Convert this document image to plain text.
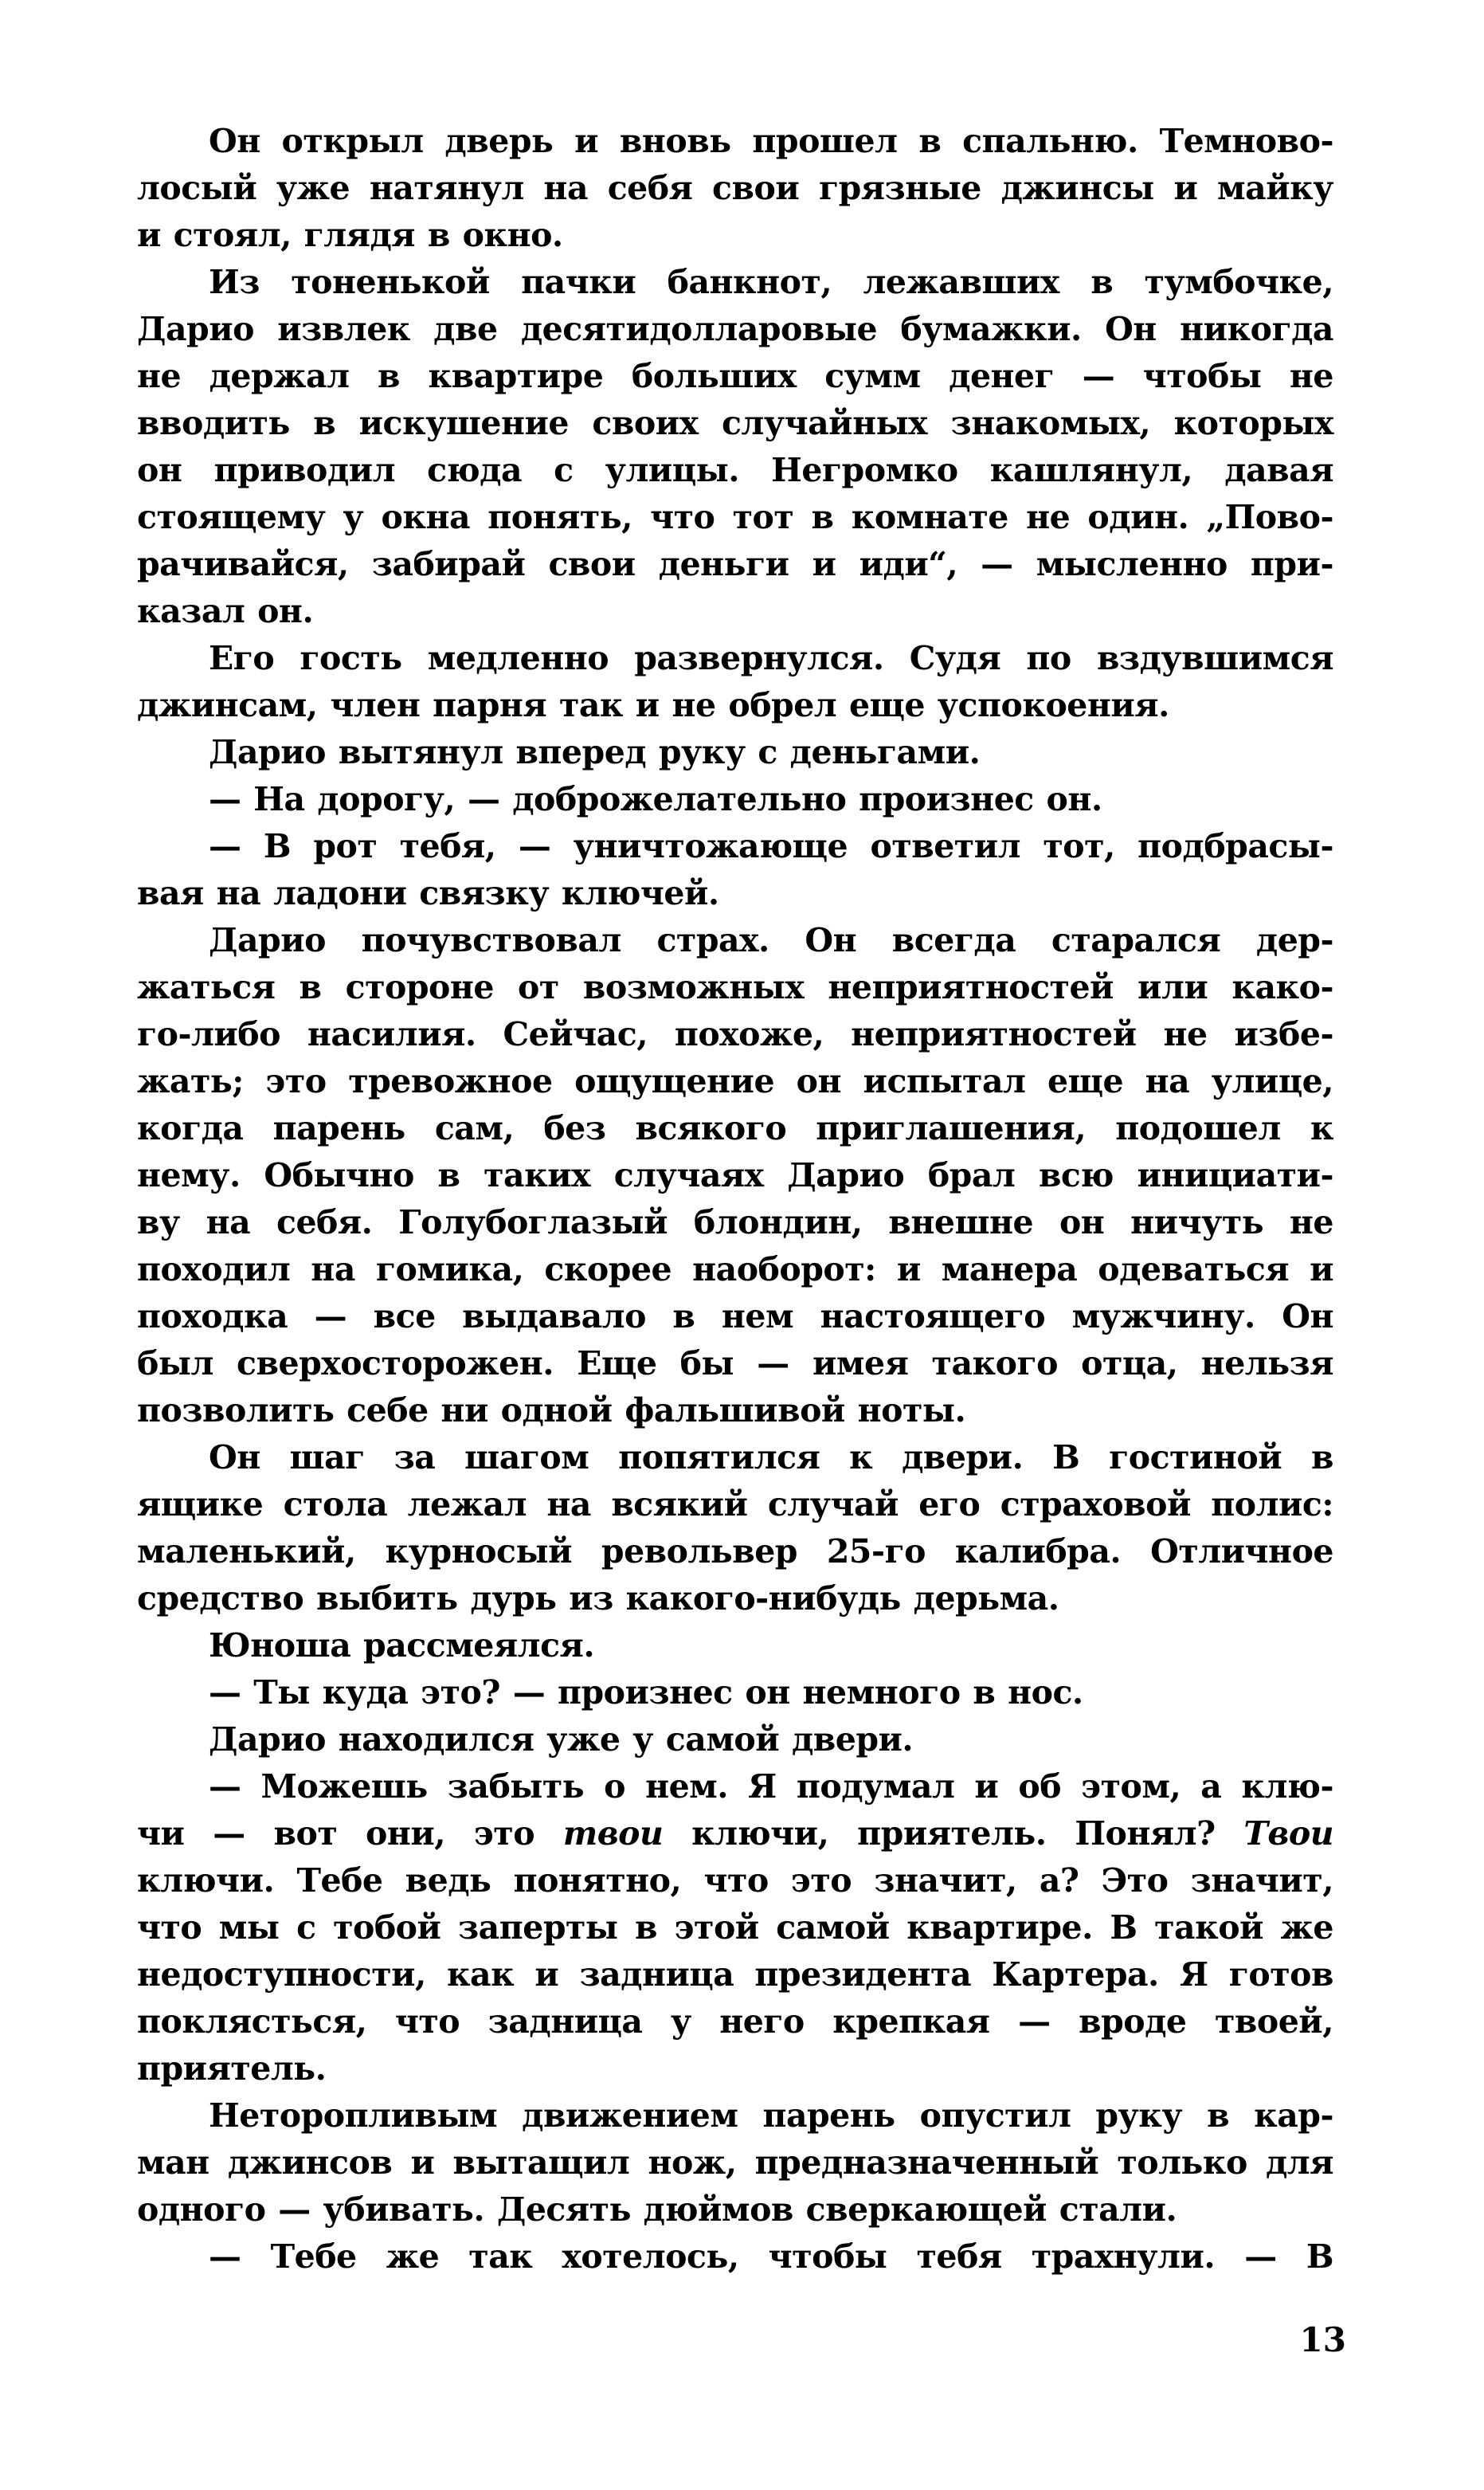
Он открыл дверь и вновь прошел в спальню. Темново-
лосый уже натянул на себя свои грязные джинсы и майку
и стоял, глядя в окно.
Из тоненькой пачки банкнот, лежавших в тумбочке,
Дарио извлек две десятидолларовые бумажки. Он никогда
не держал в квартире больших сумм денег — чтобы не
вводить в искушение своих случайных знакомых, которых
он приводил сюда с улицы. Негромко кашлянул, давая
стоящему у окна понять, что тот в комнате не один. „Пово-
рачивайся, забирай свои деньги и иди“, — мысленно при-
казал он.
Его гость медленно развернулся. Судя по вздувшимся
джинсам, член парня так и не обрел еще успокоения.
Дарио вытянул вперед руку с деньгами.
— На дорогу, — доброжелательно произнес он.
— В рот тебя, — уничтожающе ответил тот, подбрасы-
вая на ладони связку ключей.
Дарио почувствовал страх. Он всегда старался дер-
жаться в стороне от возможных неприятностей или како-
го-либо насилия. Сейчас, похоже, неприятностей не избе-
жать; это тревожное ощущение он испытал еще на улице,
когда парень сам, без всякого приглашения, подошел к
нему. Обычно в таких случаях Дарио брал всю инициати-
ву на себя. Голубоглазый блондин, внешне он ничуть не
походил на гомика, скорее наоборот: и манера одеваться и
походка — все выдавало в нем настоящего мужчину. Он
был сверхосторожен. Еще бы — имея такого отца, нельзя
позволить себе ни одной фальшивой ноты.
Он шаг за шагом попятился к двери. В гостиной в
ящике стола лежал на всякий случай его страховой полис:
маленький, курносый револьвер 25-го калибра. Отличное
средство выбить дурь из какого-нибудь дерьма.
Юноша рассмеялся.
— Ты куда это? — произнес он немного в нос.
Дарио находился уже у самой двери.
— Можешь забыть о нем. Я подумал и об этом, а клю-
чи — вот они, это твои ключи, приятель. Понял? Твои
ключи. Тебе ведь понятно, что это значит, а? Это значит,
что мы с тобой заперты в этой самой квартире. В такой же
недоступности, как и задница президента Картера. Я готов
поклясться, что задница у него крепкая — вроде твоей,
приятель.
Неторопливым движением парень опустил руку в кар-
ман джинсов и вытащил нож, предназначенный только для
одного — убивать. Десять дюймов сверкающей стали.
— Тебе же так хотелось, чтобы тебя трахнули. — В
13
